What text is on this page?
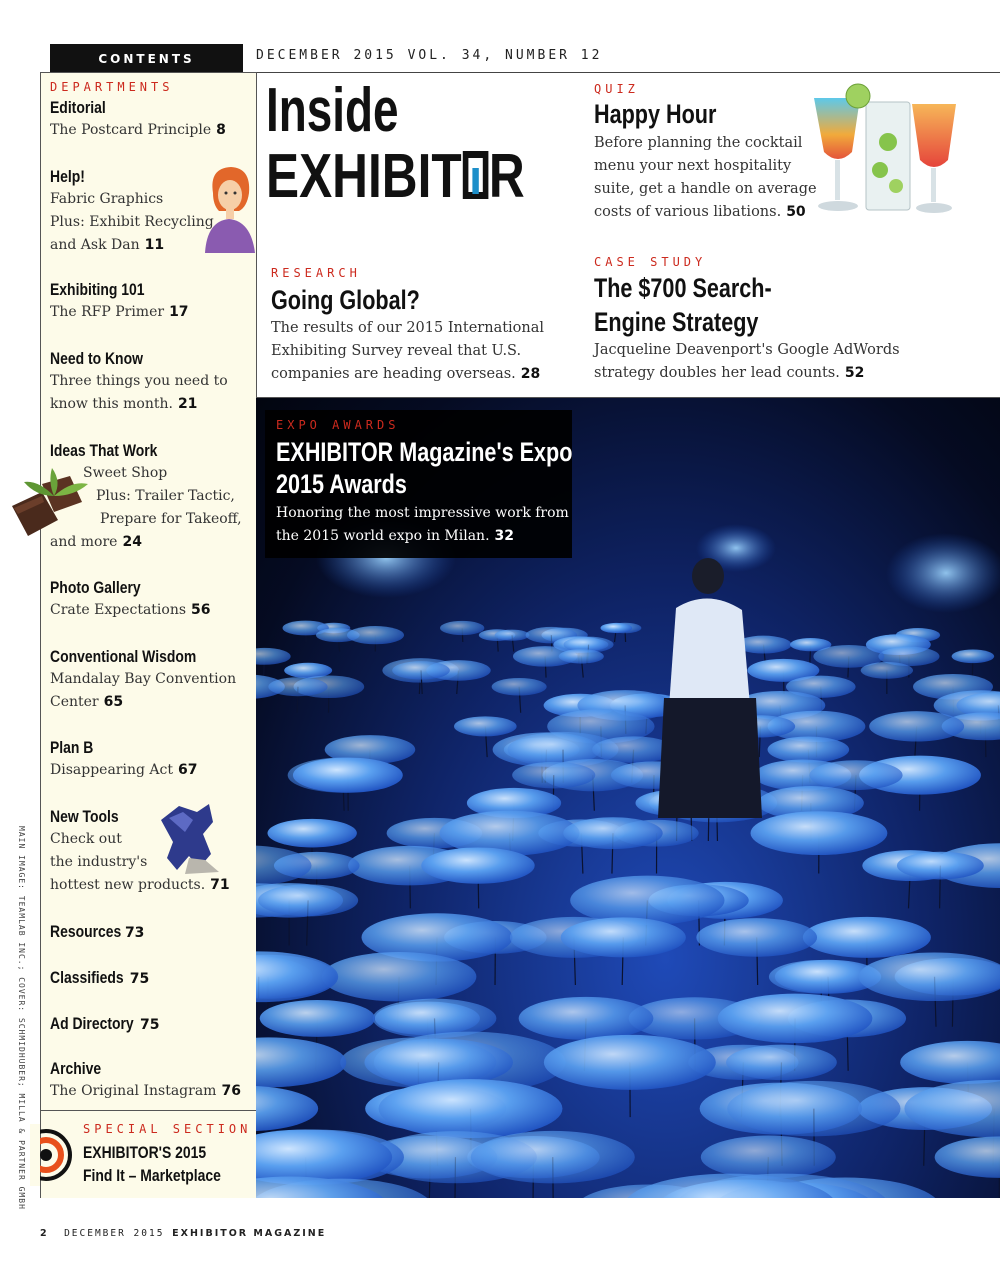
CONTENTS	DECEMBER 2015 VOL. 34, NUMBER 12
DEPARTMENTS
Editorial
The Postcard Principle 8
Help!
Fabric Graphics
Plus: Exhibit Recycling
and Ask Dan 11
Exhibiting 101
The RFP Primer 17
Need to Know
Three things you need to
know this month. 21
Ideas That Work
Sweet Shop
Plus: Trailer Tactic,
Prepare for Takeoff,
and more 24
Photo Gallery
Crate Expectations 56
Conventional Wisdom
Mandalay Bay Convention
Center 65
Plan B
Disappearing Act 67
New Tools
Check out
the industry's
hottest new products. 71
Resources 73
Classifieds 75
Ad Directory 75
Archive
The Original Instagram 76
MAIN IMAGE: TEAMLAB INC.; COVER: SCHMIDHUBER; MILLA & PARTNER GMBH	SPECIAL SECTION
EXHIBITOR'S 2015
Find It – Marketplace
Inside
EXHIBIT R
QUIZ
Happy Hour
Before planning the cocktail
menu your next hospitality
suite, get a handle on average
costs of various libations. 50
RESEARCH
Going Global?
The results of our 2015 International
Exhibiting Survey reveal that U.S.
companies are heading overseas. 28
CASE STUDY
The $700 Search-
Engine Strategy
Jacqueline Deavenport's Google AdWords
strategy doubles her lead counts. 52
EXPO AWARDS
EXHIBITOR Magazine's Expo
2015 Awards
Honoring the most impressive work from
the 2015 world expo in Milan. 32
2 DECEMBER 2015 EXHIBITOR MAGAZINE
